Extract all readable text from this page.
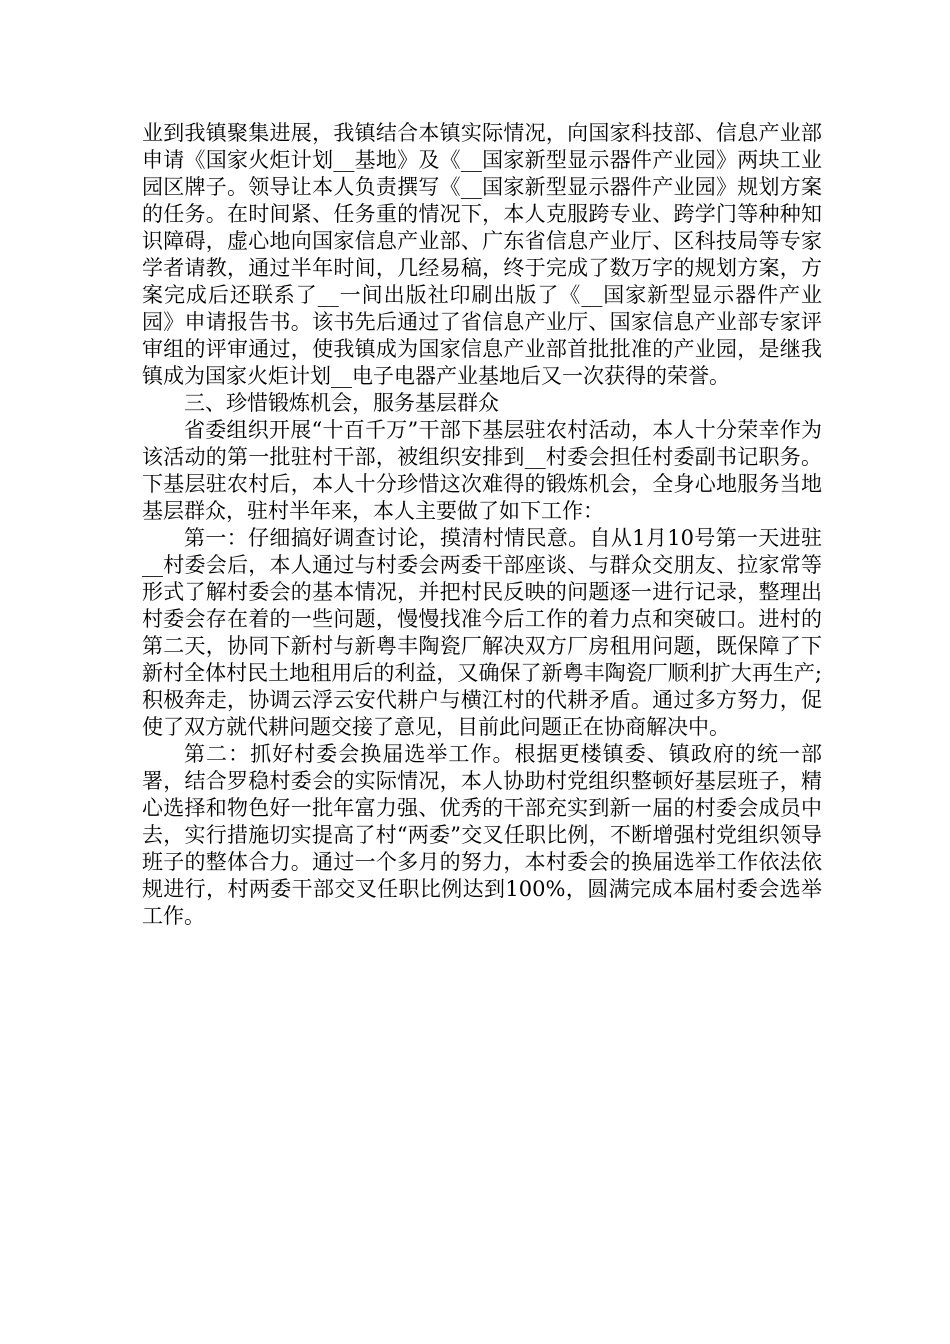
业到我镇聚集进展，我镇结合本镇实际情况，向国家科技部、信息产业部申请《国家火炬计划__基地》及《__国家新型显示器件产业园》两块工业园区牌子。领导让本人负责撰写《__国家新型显示器件产业园》规划方案的任务。在时间紧、任务重的情况下，本人克服跨专业、跨学门等种种知识障碍，虚心地向国家信息产业部、广东省信息产业厅、区科技局等专家学者请教，通过半年时间，几经易稿，终于完成了数万字的规划方案，方案完成后还联系了__一间出版社印刷出版了《__国家新型显示器件产业园》申请报告书。该书先后通过了省信息产业厅、国家信息产业部专家评审组的评审通过，使我镇成为国家信息产业部首批批准的产业园，是继我镇成为国家火炬计划__电子电器产业基地后又一次获得的荣誉。

三、珍惜锻炼机会，服务基层群众

省委组织开展“十百千万”干部下基层驻农村活动，本人十分荣幸作为该活动的第一批驻村干部，被组织安排到__村委会担任村委副书记职务。下基层驻农村后，本人十分珍惜这次难得的锻炼机会，全身心地服务当地基层群众，驻村半年来，本人主要做了如下工作：

第一：仔细搞好调查讨论，摸清村情民意。自从1月10号第一天进驻__村委会后，本人通过与村委会两委干部座谈、与群众交朋友、拉家常等形式了解村委会的基本情况，并把村民反映的问题逐一进行记录，整理出村委会存在着的一些问题，慢慢找准今后工作的着力点和突破口。进村的第二天，协同下新村与新粤丰陶瓷厂解决双方厂房租用问题，既保障了下新村全体村民土地租用后的利益，又确保了新粤丰陶瓷厂顺利扩大再生产;积极奔走，协调云浮云安代耕户与横江村的代耕矛盾。通过多方努力，促使了双方就代耕问题交接了意见，目前此问题正在协商解决中。

第二：抓好村委会换届选举工作。根据更楼镇委、镇政府的统一部署，结合罗稳村委会的实际情况，本人协助村党组织整顿好基层班子，精心选择和物色好一批年富力强、优秀的干部充实到新一届的村委会成员中去，实行措施切实提高了村“两委”交叉任职比例，不断增强村党组织领导班子的整体合力。通过一个多月的努力，本村委会的换届选举工作依法依规进行，村两委干部交叉任职比例达到100%，圆满完成本届村委会选举工作。
